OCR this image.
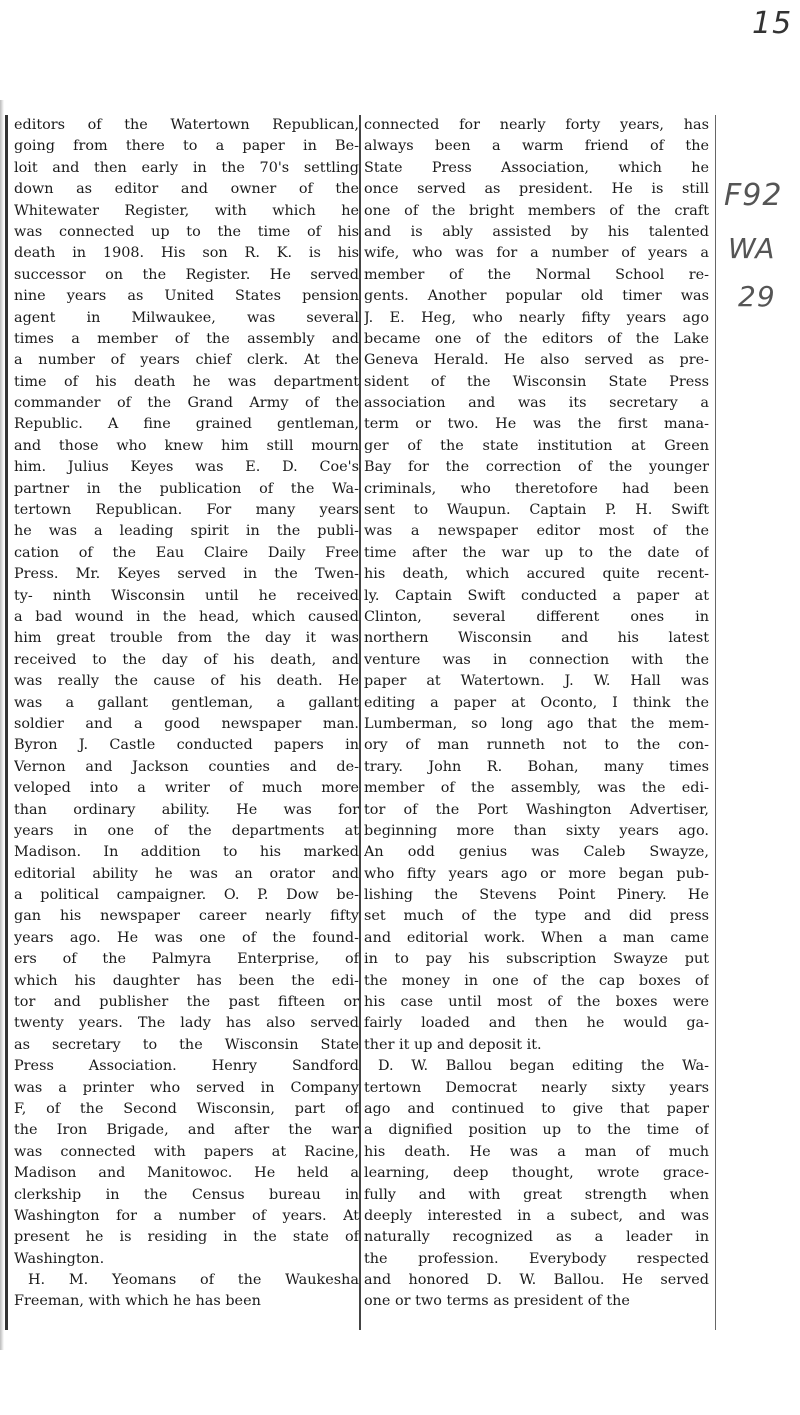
15
F92
WA
29
editors of the Watertown Republican,
going from there to a paper in Be-
loit and then early in the 70's settling
down as editor and owner of the
Whitewater Register, with which he
was connected up to the time of his
death in 1908. His son R. K. is his
successor on the Register. He served
nine years as United States pension
agent in Milwaukee, was several
times a member of the assembly and
a number of years chief clerk. At the
time of his death he was department
commander of the Grand Army of the
Republic. A fine grained gentleman,
and those who knew him still mourn
him. Julius Keyes was E. D. Coe's
partner in the publication of the Wa-
tertown Republican. For many years
he was a leading spirit in the publi-
cation of the Eau Claire Daily Free
Press. Mr. Keyes served in the Twen-
ty- ninth Wisconsin until he received
a bad wound in the head, which caused
him great trouble from the day it was
received to the day of his death, and
was really the cause of his death. He
was a gallant gentleman, a gallant
soldier and a good newspaper man.
Byron J. Castle conducted papers in
Vernon and Jackson counties and de-
veloped into a writer of much more
than ordinary ability. He was for
years in one of the departments at
Madison. In addition to his marked
editorial ability he was an orator and
a political campaigner. O. P. Dow be-
gan his newspaper career nearly fifty
years ago. He was one of the found-
ers of the Palmyra Enterprise, of
which his daughter has been the edi-
tor and publisher the past fifteen or
twenty years. The lady has also served
as secretary to the Wisconsin State
Press Association. Henry Sandford
was a printer who served in Company
F, of the Second Wisconsin, part of
the Iron Brigade, and after the war
was connected with papers at Racine,
Madison and Manitowoc. He held a
clerkship in the Census bureau in
Washington for a number of years. At
present he is residing in the state of
Washington.
H. M. Yeomans of the Waukesha
Freeman, with which he has been
connected for nearly forty years, has
always been a warm friend of the
State Press Association, which he
once served as president. He is still
one of the bright members of the craft
and is ably assisted by his talented
wife, who was for a number of years a
member of the Normal School re-
gents. Another popular old timer was
J. E. Heg, who nearly fifty years ago
became one of the editors of the Lake
Geneva Herald. He also served as pre-
sident of the Wisconsin State Press
association and was its secretary a
term or two. He was the first mana-
ger of the state institution at Green
Bay for the correction of the younger
criminals, who theretofore had been
sent to Waupun. Captain P. H. Swift
was a newspaper editor most of the
time after the war up to the date of
his death, which accured quite recent-
ly. Captain Swift conducted a paper at
Clinton, several different ones in
northern Wisconsin and his latest
venture was in connection with the
paper at Watertown. J. W. Hall was
editing a paper at Oconto, I think the
Lumberman, so long ago that the mem-
ory of man runneth not to the con-
trary. John R. Bohan, many times
member of the assembly, was the edi-
tor of the Port Washington Advertiser,
beginning more than sixty years ago.
An odd genius was Caleb Swayze,
who fifty years ago or more began pub-
lishing the Stevens Point Pinery. He
set much of the type and did press
and editorial work. When a man came
in to pay his subscription Swayze put
the money in one of the cap boxes of
his case until most of the boxes were
fairly loaded and then he would ga-
ther it up and deposit it.
D. W. Ballou began editing the Wa-
tertown Democrat nearly sixty years
ago and continued to give that paper
a dignified position up to the time of
his death. He was a man of much
learning, deep thought, wrote grace-
fully and with great strength when
deeply interested in a subect, and was
naturally recognized as a leader in
the profession. Everybody respected
and honored D. W. Ballou. He served
one or two terms as president of the
